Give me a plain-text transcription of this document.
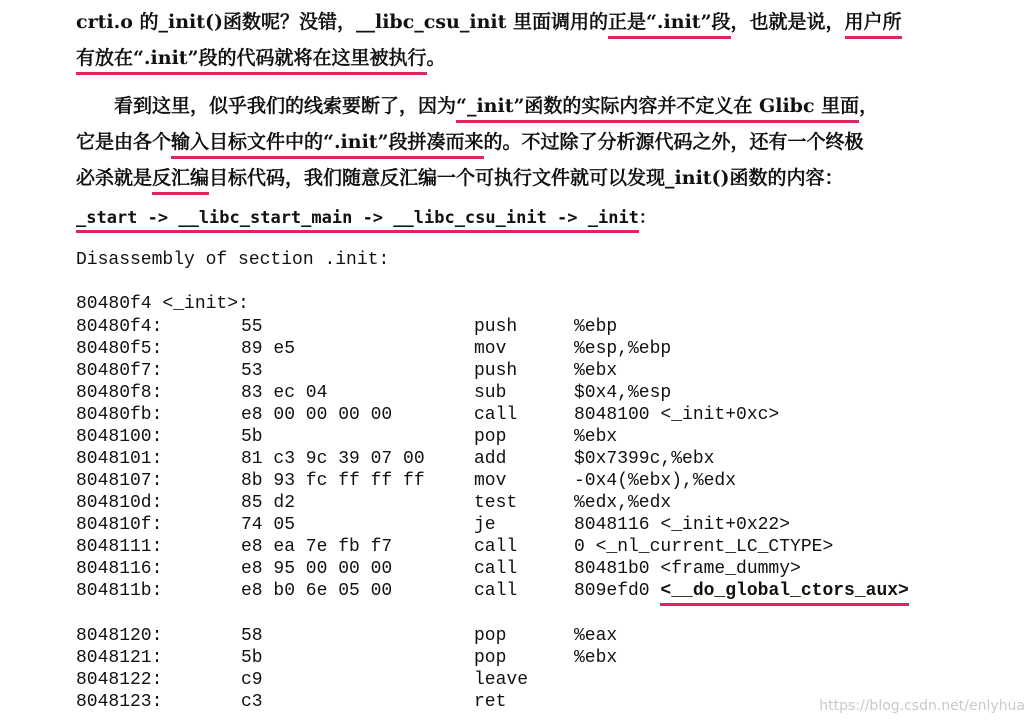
crti.o 的_init()函数呢？没错，__libc_csu_init 里面调用的正是“.init”段，也就是说，用户所
有放在“.init”段的代码就将在这里被执行。
　　看到这里，似乎我们的线索要断了，因为“_init”函数的实际内容并不定义在 Glibc 里面，
它是由各个输入目标文件中的“.init”段拼凑而来的。不过除了分析源代码之外，还有一个终极
必杀就是反汇编目标代码，我们随意反汇编一个可执行文件就可以发现_init()函数的内容：
_start -> __libc_start_main -> __libc_csu_init -> _init：
Disassembly of section .init:
80480f4 <_init>:
80480f4:	55	push	%ebp
80480f5:	89 e5	mov	%esp,%ebp
80480f7:	53	push	%ebx
80480f8:	83 ec 04	sub	$0x4,%esp
80480fb:	e8 00 00 00 00	call	8048100 <_init+0xc>
8048100:	5b	pop	%ebx
8048101:	81 c3 9c 39 07 00	add	$0x7399c,%ebx
8048107:	8b 93 fc ff ff ff	mov	-0x4(%ebx),%edx
804810d:	85 d2	test	%edx,%edx
804810f:	74 05	je	8048116 <_init+0x22>
8048111:	e8 ea 7e fb f7	call	0 <_nl_current_LC_CTYPE>
8048116:	e8 95 00 00 00	call	80481b0 <frame_dummy>
804811b:	e8 b0 6e 05 00	call	809efd0 <__do_global_ctors_aux>
8048120:	58	pop	%eax
8048121:	5b	pop	%ebx
8048122:	c9	leave
8048123:	c3	ret	https://blog.csdn.net/enlyhua
